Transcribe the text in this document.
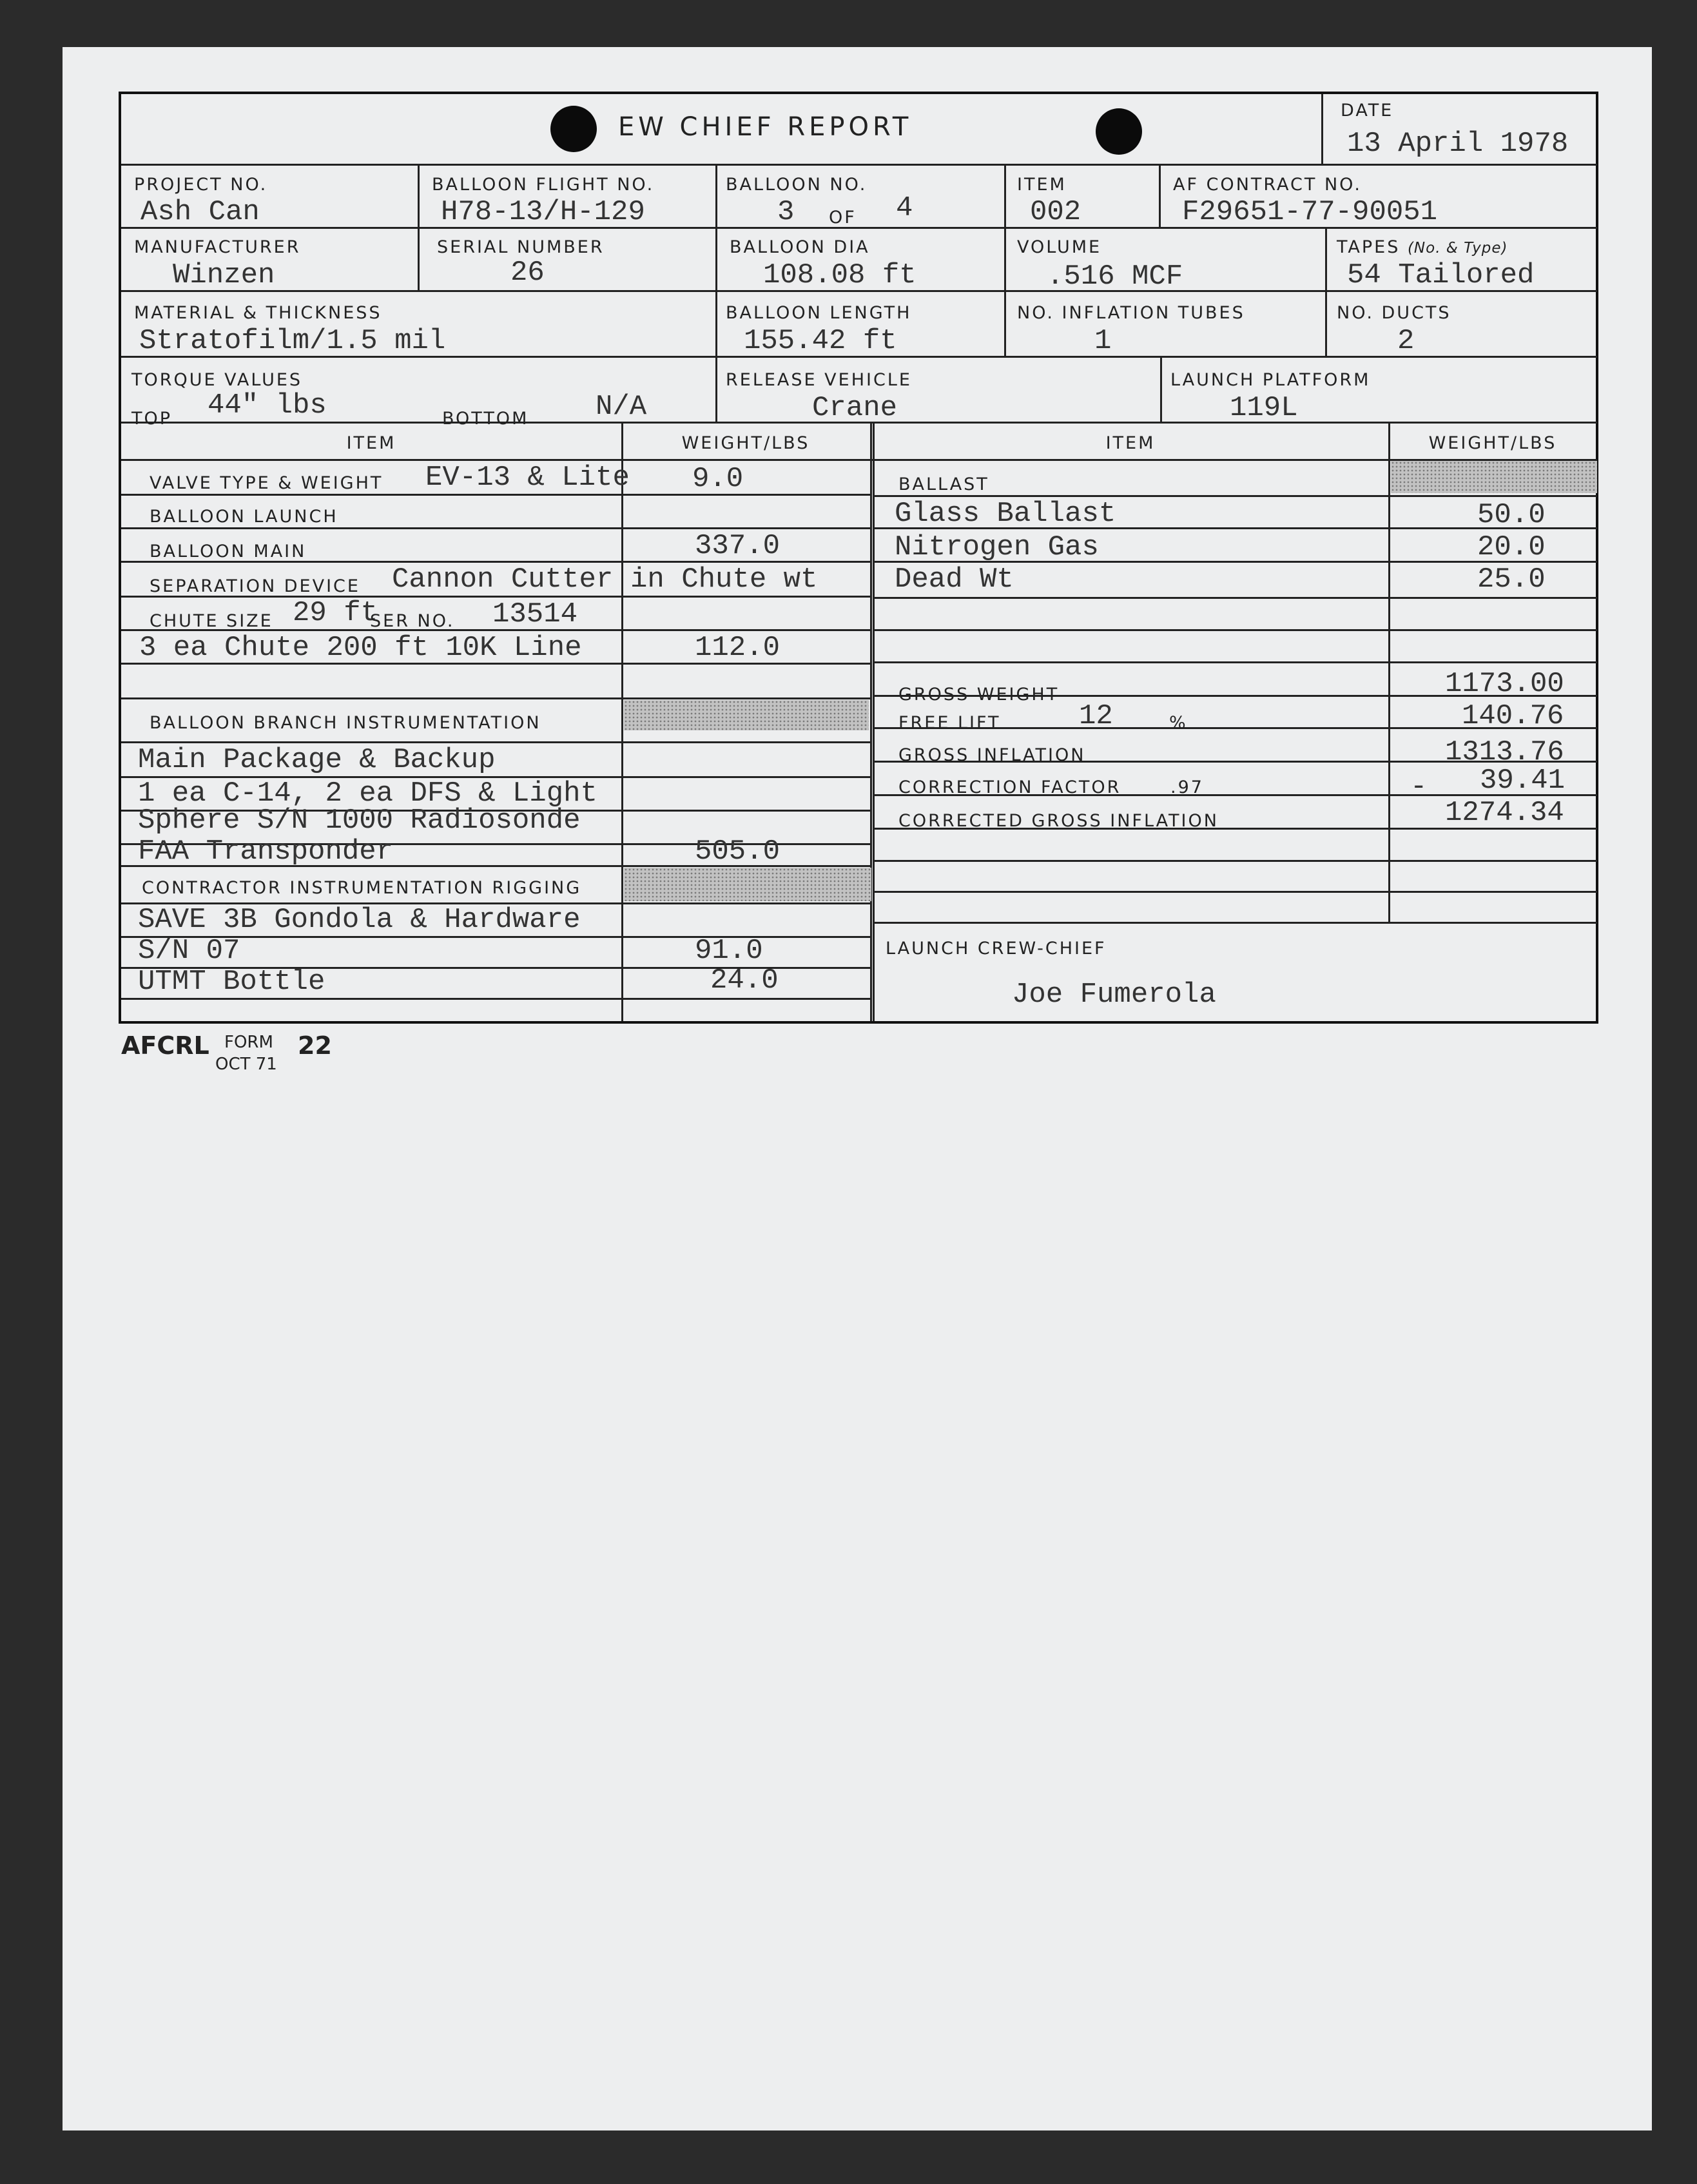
EW CHIEF REPORT
DATE
13 April 1978
PROJECT NO.
Ash Can
BALLOON FLIGHT NO.
H78-13/H-129
BALLOON NO.
3 OF 4
ITEM
002
AF CONTRACT NO.
F29651-77-90051
MANUFACTURER
Winzen
SERIAL NUMBER
26
BALLOON DIA
108.08 ft
VOLUME
.516 MCF
TAPES (No. & Type)
54 Tailored
MATERIAL & THICKNESS
Stratofilm/1.5 mil
BALLOON LENGTH
155.42 ft
NO. INFLATION TUBES
1
NO. DUCTS
2
TORQUE VALUES
TOP 44" lbs	BOTTOM N/A
RELEASE VEHICLE
Crane
LAUNCH PLATFORM
119L
ITEM	WEIGHT/LBS
VALVE TYPE & WEIGHT EV-13 & Lite 9.0
BALLOON LAUNCH
BALLOON MAIN	337.0
SEPARATION DEVICE Cannon Cutter in Chute wt
CHUTE SIZE 29 ft
SER NO. 13514
3 ea Chute 200 ft 10K Line	112.0
BALLOON BRANCH INSTRUMENTATION
Main Package & Backup
1 ea C-14, 2 ea DFS & Light
Sphere S/N 1000 Radiosonde
FAA Transponder	505.0
CONTRACTOR INSTRUMENTATION RIGGING
SAVE 3B Gondola & Hardware
S/N 07	91.0
UTMT Bottle	24.0
ITEM	WEIGHT/LBS
BALLAST
Glass Ballast	50.0
Nitrogen Gas	20.0
Dead Wt	25.0
GROSS WEIGHT	1173.00
FREE LIFT	12	%	140.76
GROSS INFLATION	1313.76
CORRECTION FACTOR	.97	- 39.41
CORRECTED GROSS INFLATION	1274.34
LAUNCH CREW-CHIEF
Joe Fumerola
AFCRL FORM 22
OCT 71
